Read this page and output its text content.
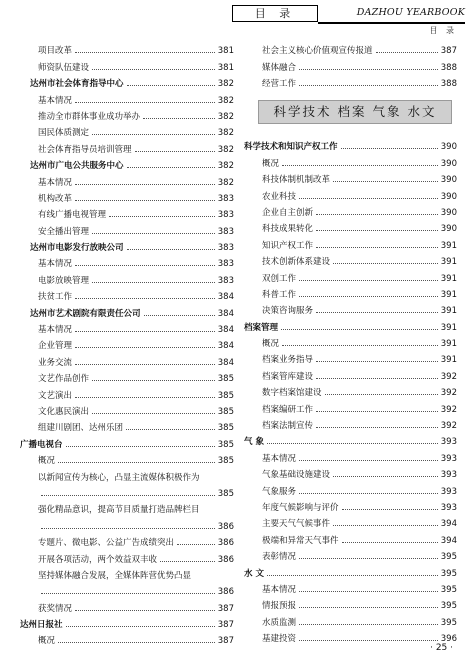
目 录	DAZHOU YEARBOOK
目 录
项目改革	381
师资队伍建设	381
达州市社会体育指导中心	382
基本情况	382
推动全市群体事业成功举办	382
国民体质测定	382
社会体育指导员培训管理	382
达州市广电公共服务中心	382
基本情况	382
机构改革	383
有线广播电视管理	383
安全播出管理	383
达州市电影发行放映公司	383
基本情况	383
电影放映管理	383
扶贫工作	384
达州市艺术剧院有限责任公司	384
基本情况	384
企业管理	384
业务交流	384
文艺作品创作	385
文艺演出	385
文化惠民演出	385
组建川剧团、达州乐团	385
广播电视台	385
概况	385
以新闻宣传为核心，凸显主流媒体积极作为
385
强化精品意识，提高节目质量打造品牌栏目
386
专题片、微电影、公益广告成绩突出	386
开展各项活动，两个效益双丰收	386
坚持媒体融合发展，全媒体阵营优势凸显
386
获奖情况	387
达州日报社	387
概况	387
社会主义核心价值观宣传报道	387
媒体融合	388
经营工作	388
科学技术 档案 气象 水文
科学技术和知识产权工作	390
概况	390
科技体制机制改革	390
农业科技	390
企业自主创新	390
科技成果转化	390
知识产权工作	391
技术创新体系建设	391
双创工作	391
科普工作	391
决策咨询服务	391
档案管理	391
概况	391
档案业务指导	391
档案管库建设	392
数字档案馆建设	392
档案编研工作	392
档案法制宣传	392
气 象	393
基本情况	393
气象基础设施建设	393
气象服务	393
年度气候影响与评价	393
主要天气气候事件	394
极端和异常天气事件	394
表彰情况	395
水 文	395
基本情况	395
情报预报	395
水质监测	395
基建投资	396
· 25 ·
